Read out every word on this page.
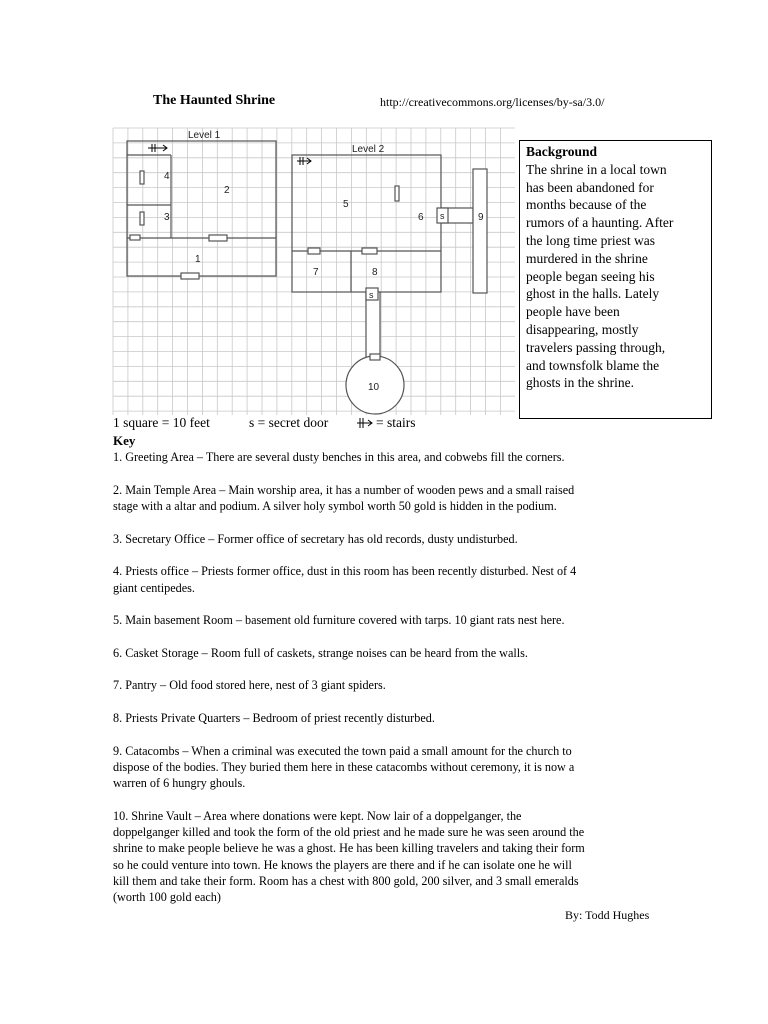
The Haunted Shrine	http://creativecommons.org/licenses/by-sa/3.0/
Level 1
Level 2
1
2
3
4
5
6
7	8
9
10
s
s
Background
The shrine in a local town
has been abandoned for
months because of the
rumors of a haunting. After
the long time priest was
murdered in the shrine
people began seeing his
ghost in the halls. Lately
people have been
disappearing, mostly
travelers passing through,
and townsfolk blame the
ghosts in the shrine.
1 square = 10 feet	s = secret door	= stairs
Key
1. Greeting Area – There are several dusty benches in this area, and cobwebs fill the corners.
2. Main Temple Area – Main worship area, it has a number of wooden pews and a small raised
stage with a altar and podium. A silver holy symbol worth 50 gold is hidden in the podium.
3. Secretary Office – Former office of secretary has old records, dusty undisturbed.
4. Priests office – Priests former office, dust in this room has been recently disturbed. Nest of 4
giant centipedes.
5. Main basement Room – basement old furniture covered with tarps. 10 giant rats nest here.
6. Casket Storage – Room full of caskets, strange noises can be heard from the walls.
7. Pantry – Old food stored here, nest of 3 giant spiders.
8. Priests Private Quarters – Bedroom of priest recently disturbed.
9. Catacombs – When a criminal was executed the town paid a small amount for the church to
dispose of the bodies. They buried them here in these catacombs without ceremony, it is now a
warren of 6 hungry ghouls.
10. Shrine Vault – Area where donations were kept. Now lair of a doppelganger, the
doppelganger killed and took the form of the old priest and he made sure he was seen around the
shrine to make people believe he was a ghost. He has been killing travelers and taking their form
so he could venture into town. He knows the players are there and if he can isolate one he will
kill them and take their form. Room has a chest with 800 gold, 200 silver, and 3 small emeralds
(worth 100 gold each)
By: Todd Hughes
